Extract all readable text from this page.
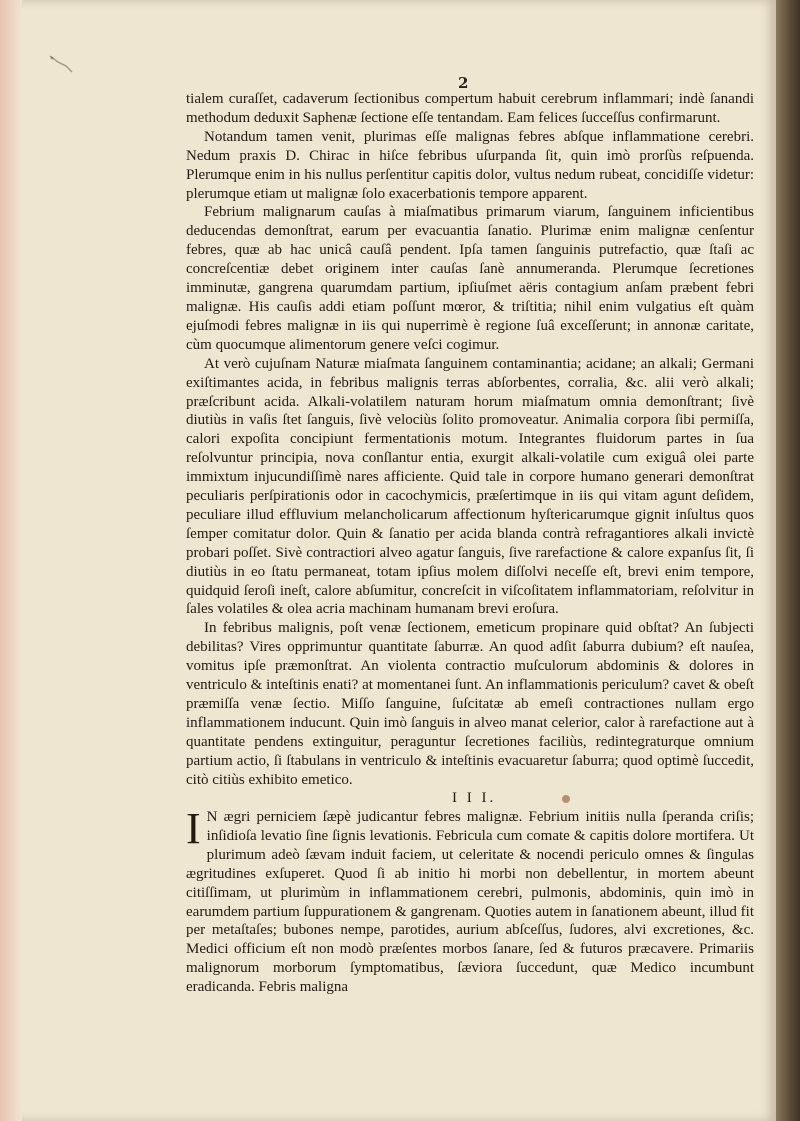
2

tialem curaſſet, cadaverum ſectionibus compertum habuit cerebrum inflammari; indè ſanandi methodum deduxit Saphenæ ſectione eſſe tentandam. Eam felices ſucceſſus confirmarunt.

Notandum tamen venit, plurimas eſſe malignas febres abſque inflammatione cerebri. Nedum praxis D. Chirac in hiſce febribus uſurpanda ſit, quin imò prorſùs reſpuenda. Plerumque enim in his nullus perſentitur capitis dolor, vultus nedum rubeat, concidiſſe videtur: plerumque etiam ut malignæ ſolo exacerbationis tempore apparent.

Febrium malignarum cauſas à miaſmatibus primarum viarum, ſanguinem inficientibus deducendas demonſtrat, earum per evacuantia ſanatio. Plurimæ enim malignæ cenſentur febres, quæ ab hac unicâ cauſâ pendent. Ipſa tamen ſanguinis putrefactio, quæ ſtaſi ac concreſcentiæ debet originem inter cauſas ſanè annumeranda. Plerumque ſecretiones imminutæ, gangrena quarumdam partium, ipſiuſmet aëris contagium anſam præbent febri malignæ. His cauſis addi etiam poſſunt mœror, & triſtitia; nihil enim vulgatius eſt quàm ejuſmodi febres malignæ in iis qui nuperrimè è regione ſuâ exceſſerunt; in annonæ caritate, cùm quocumque alimentorum genere veſci cogimur.

At verò cujuſnam Naturæ miaſmata ſanguinem contaminantia; acidane; an alkali; Germani exiſtimantes acida, in febribus malignis terras abſorbentes, corralia, &c. alii verò alkali; præſcribunt acida. Alkali-volatilem naturam horum miaſmatum omnia demonſtrant; ſivè diutiùs in vaſis ſtet ſanguis, ſivè velociùs ſolito promoveatur. Animalia corpora ſibi permiſſa, calori expoſita concipiunt fermentationis motum. Integrantes fluidorum partes in ſua reſolvuntur principia, nova conſlantur entia, exurgit alkali-volatile cum exiguâ olei parte immixtum injucundiſſimè nares afficiente. Quid tale in corpore humano generari demonſtrat peculiaris perſpirationis odor in cacochymicis, præſertimque in iis qui vitam agunt deſidem, peculiare illud effluvium melancholicarum affectionum hyſtericarumque gignit inſultus quos ſemper comitatur dolor. Quin & ſanatio per acida blanda contrà refragantiores alkali invictè probari poſſet. Sivè contractiori alveo agatur ſanguis, ſive rarefactione & calore expanſus ſit, ſi diutiùs in eo ſtatu permaneat, totam ipſius molem diſſolvi neceſſe eſt, brevi enim tempore, quidquid ſeroſi ineſt, calore abſumitur, concreſcit in viſcoſitatem inflammatoriam, reſolvitur in ſales volatiles & olea acria machinam humanam brevi eroſura.

In febribus malignis, poſt venæ ſectionem, emeticum propinare quid obſtat? An ſubjecti debilitas? Vires opprimuntur quantitate ſaburræ. An quod adſit ſaburra dubium? eſt nauſea, vomitus ipſe præmonſtrat. An violenta contractio muſculorum abdominis & dolores in ventriculo & inteſtinis enati? at momentanei ſunt. An inflammationis periculum? cavet & obeſt præmiſſa venæ ſectio. Miſſo ſanguine, ſuſcitatæ ab emeſi contractiones nullam ergo inflammationem inducunt. Quin imò ſanguis in alveo manat celerior, calor à rarefactione aut à quantitate pendens extinguitur, peraguntur ſecretiones faciliùs, redintegraturque omnium partium actio, ſi ſtabulans in ventriculo & inteſtinis evacuaretur ſaburra; quod optimè ſuccedit, citò citiùs exhibito emetico.

I I I.
I N ægri perniciem ſæpè judicantur febres malignæ. Febrium initiis nulla ſperanda criſis; inſidioſa levatio ſine ſignis levationis. Febricula cum comate & capitis dolore mortifera. Ut plurimum adeò ſævam induit faciem, ut celeritate & nocendi periculo omnes & ſingulas ægritudines exſuperet. Quod ſi ab initio hi morbi non debellentur, in mortem abeunt citiſſimam, ut plurimùm in inflammationem cerebri, pulmonis, abdominis, quin imò in earumdem partium ſuppurationem & gangrenam. Quoties autem in ſanationem abeunt, illud fit per metaſtaſes; bubones nempe, parotides, aurium abſceſſus, ſudores, alvi excretiones, &c. Medici officium eſt non modò præſentes morbos ſanare, ſed & futuros præcavere. Primariis malignorum morborum ſymptomatibus, ſæviora ſuccedunt, quæ Medico incumbunt eradicanda. Febris maligna
